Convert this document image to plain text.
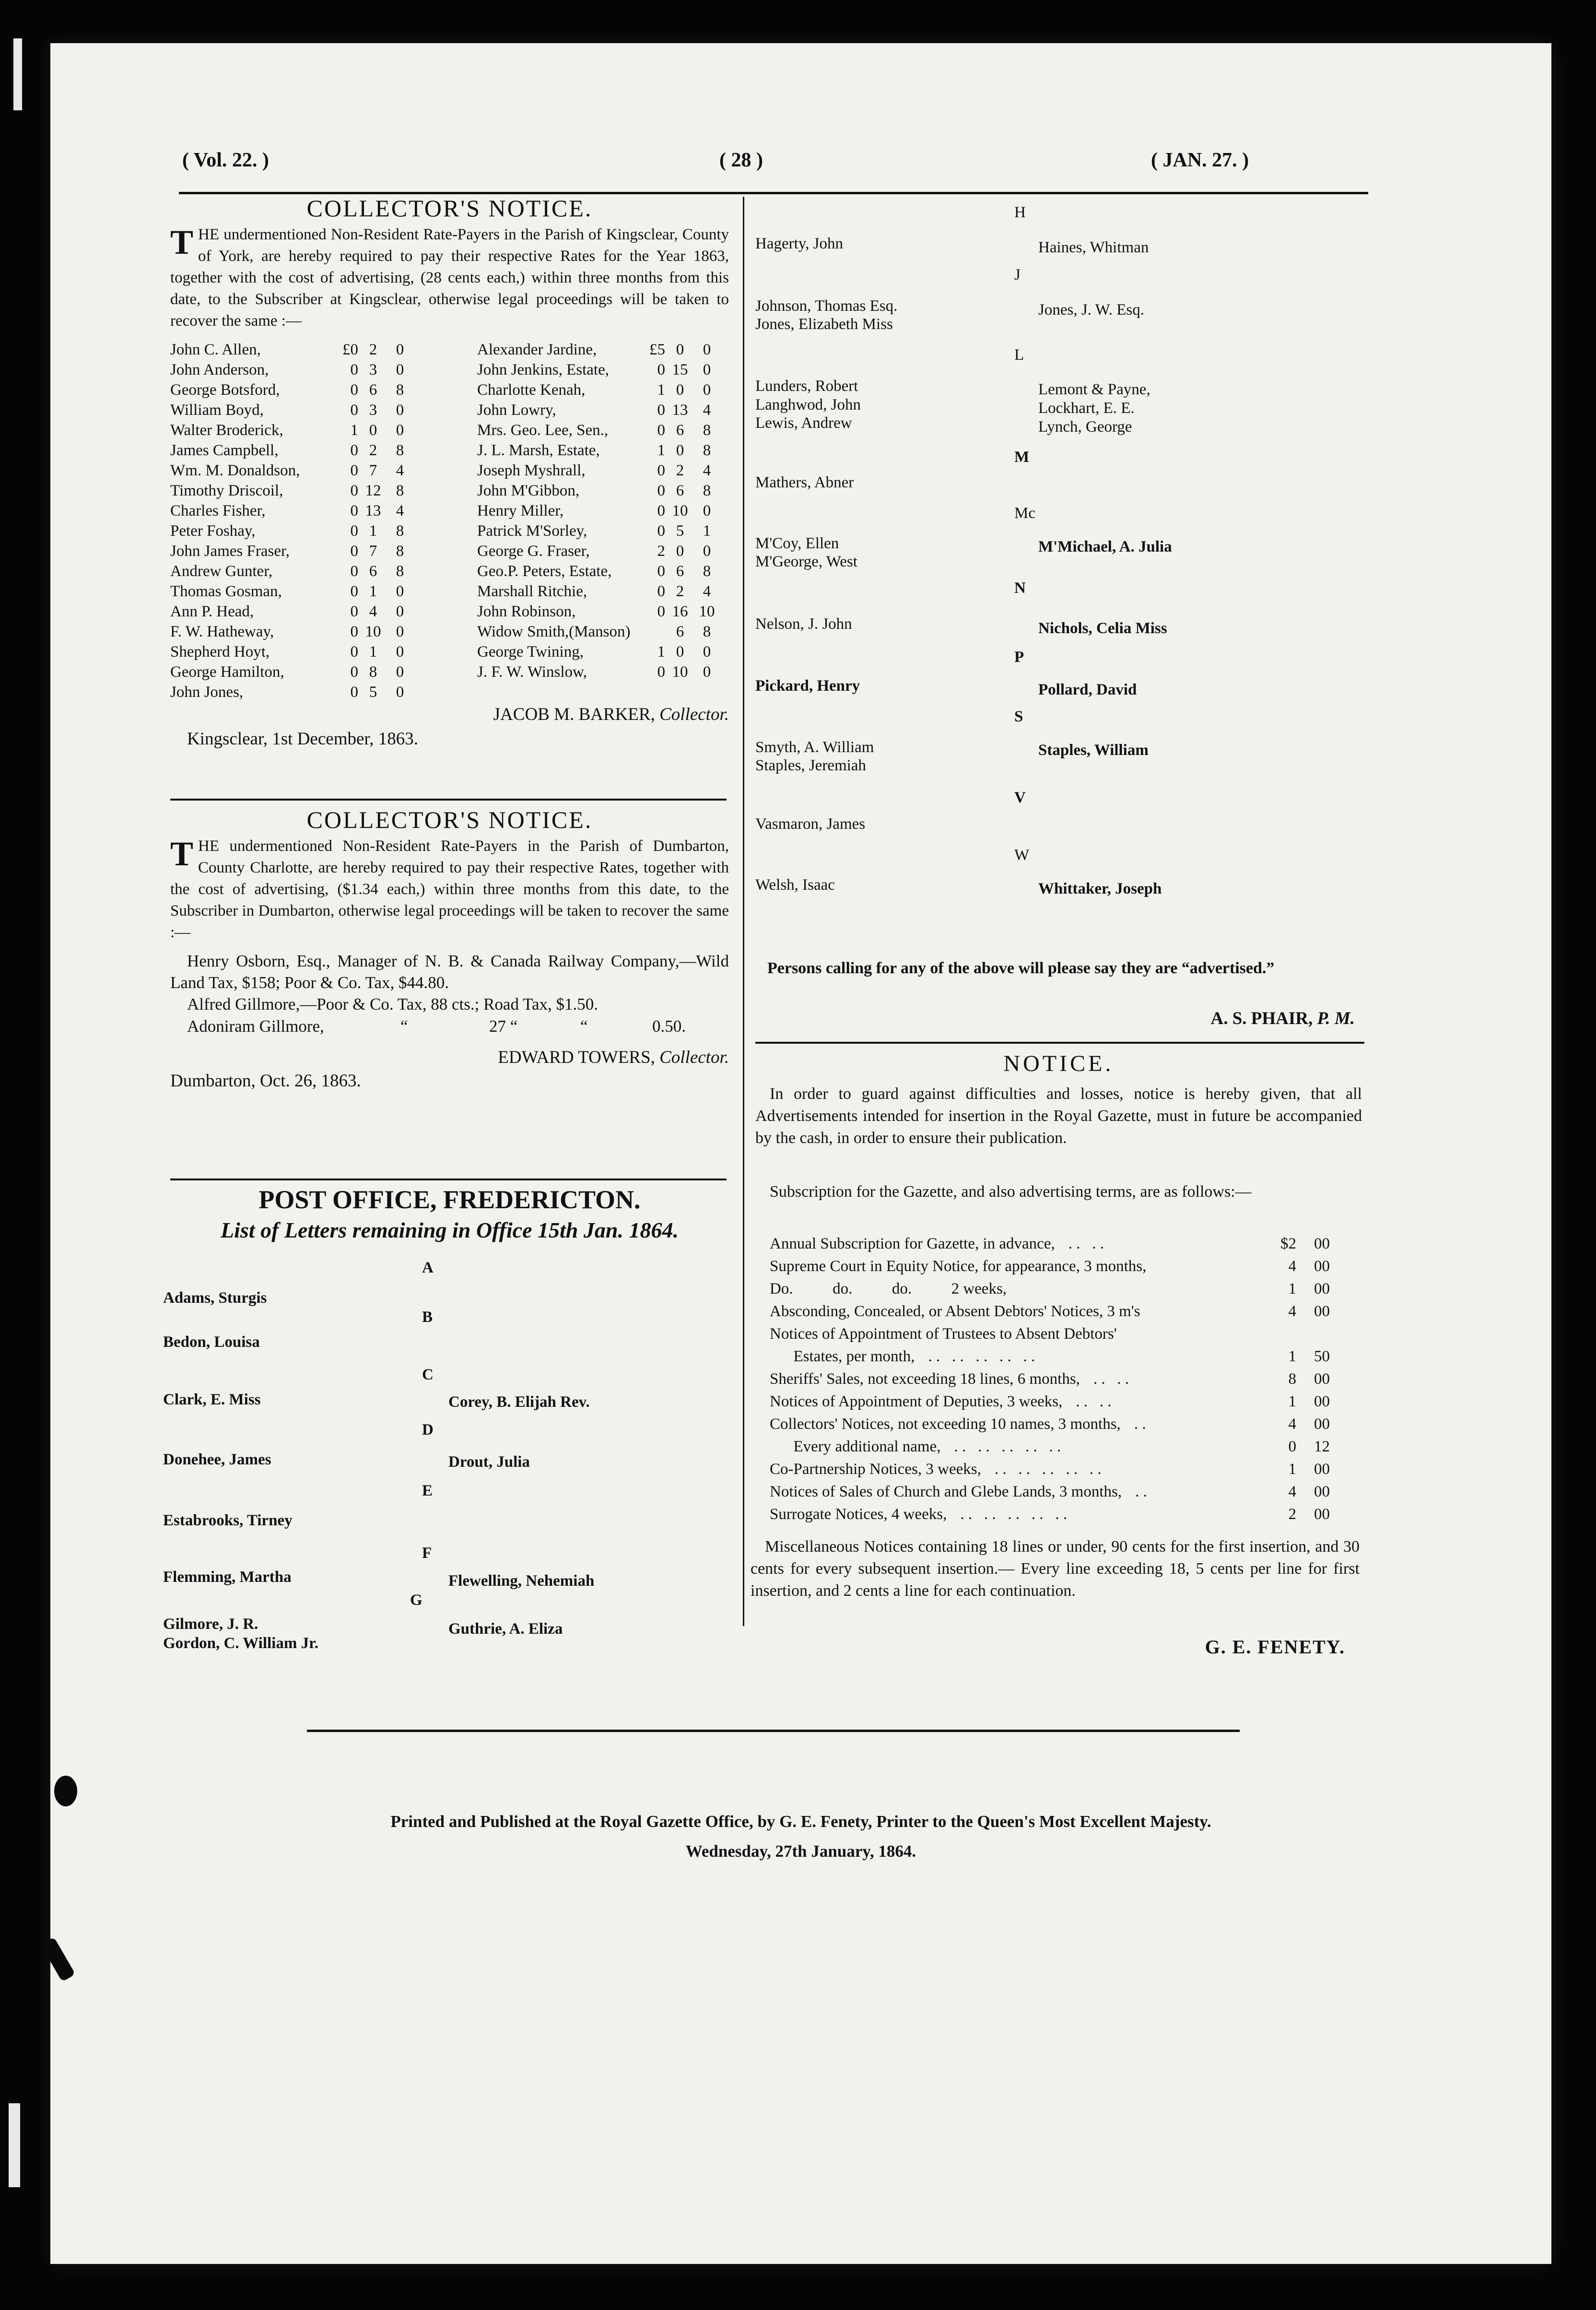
( Vol. 22. )	( 28 )	( JAN. 27. )
COLLECTOR'S NOTICE.
THE undermentioned Non-Resident Rate-Payers in the Parish of Kingsclear, County of York, are hereby required to pay their respective Rates for the Year 1863, together with the cost of advertising, (28 cents each,) within three months from this date, to the Subscriber at Kingsclear, otherwise legal proceedings will be taken to recover the same :—
John C. Allen,	£0 2	0
John Anderson,	0 3	0
George Botsford,	0 6	8
William Boyd,	0 3	0
Walter Broderick,	1 0	0
James Campbell,	0 2	8
Wm. M. Donaldson,	0 7	4
Timothy Driscoil,	0 12 8
Charles Fisher,	0 13 4
Peter Foshay,	0 1	8
John James Fraser,	0 7	8
Andrew Gunter,	0 6	8
Thomas Gosman,	0 1	0
Ann P. Head,	0 4	0
F. W. Hatheway,	0 10 0
Shepherd Hoyt,	0 1	0
George Hamilton,	0 8	0
John Jones,	0 5	0
Alexander Jardine,	£5 0	0
John Jenkins, Estate,	0 15 0
Charlotte Kenah,	1 0	0
John Lowry,	0 13 4
Mrs. Geo. Lee, Sen.,	0 6	8
J. L. Marsh, Estate,	1 0	8
Joseph Myshrall,	0 2	4
John M'Gibbon,	0 6	8
Henry Miller,	0 10 0
Patrick M'Sorley,	0 5	1
George G. Fraser,	2 0	0
Geo.P. Peters, Estate,	0 6	8
Marshall Ritchie,	0 2	4
John Robinson,	0 16 10
Widow Smith,(Manson)	6	8
George Twining,	1 0	0
J. F. W. Winslow,	0 10 0
JACOB M. BARKER, Collector.
Kingsclear, 1st December, 1863.
COLLECTOR'S NOTICE.
THE undermentioned Non-Resident Rate-Payers in the Parish of Dumbarton, County Charlotte, are hereby required to pay their respective Rates, together with the cost of advertising, ($1.34 each,) within three months from this date, to the Subscriber in Dumbarton, otherwise legal proceedings will be taken to recover the same :—
Henry Osborn, Esq., Manager of N. B. & Canada Railway Company,—Wild Land Tax, $158; Poor & Co. Tax, $44.80.
Alfred Gillmore,—Poor & Co. Tax, 88 cts.; Road Tax, $1.50.
Adoniram Gillmore,	“	27 “	“	0.50.
EDWARD TOWERS, Collector.
Dumbarton, Oct. 26, 1863.
POST OFFICE, FREDERICTON.
List of Letters remaining in Office 15th Jan. 1864.
A
Adams, Sturgis
B
Bedon, Louisa
C
Clark, E. Miss	Corey, B. Elijah Rev.
D
Donehee, James	Drout, Julia
E
Estabrooks, Tirney
F
Flemming, Martha	Flewelling, Nehemiah
G
Gilmore, J. R.	Guthrie, A. Eliza
Gordon, C. William Jr.
H
Hagerty, John	Haines, Whitman
J
Johnson, Thomas Esq.	Jones, J. W. Esq.
Jones, Elizabeth Miss
L
Lunders, Robert	Lemont & Payne,
Langhwod, John	Lockhart, E. E.
Lewis, Andrew	Lynch, George
M
Mathers, Abner
Mc
M'Coy, Ellen	M'Michael, A. Julia
M'George, West
N
Nelson, J. John	Nichols, Celia Miss
P
Pickard, Henry	Pollard, David
S
Smyth, A. William	Staples, William
Staples, Jeremiah
V
Vasmaron, James
W
Welsh, Isaac	Whittaker, Joseph
Persons calling for any of the above will please say they are “advertised.”
A. S. PHAIR, P. M.
NOTICE.
In order to guard against difficulties and losses, notice is hereby given, that all Advertisements intended for insertion in the Royal Gazette, must in future be accompanied by the cash, in order to ensure their publication.
Subscription for the Gazette, and also advertising terms, are as follows:—
Annual Subscription for Gazette, in advance, . .   . .	$2	00
Supreme Court in Equity Notice, for appearance, 3 months,	4	00
Do.          do.          do.          2 weeks,	1	00
Absconding, Concealed, or Absent Debtors' Notices, 3 m's	4	00
Notices of Appointment of Trustees to Absent Debtors'
Estates, per month, . .   . .   . .   . .   . .	1	50
Sheriffs' Sales, not exceeding 18 lines, 6 months, . .   . .	8	00
Notices of Appointment of Deputies, 3 weeks, . .   . .	1	00
Collectors' Notices, not exceeding 10 names, 3 months, . .	4	00
Every additional name, . .   . .   . .   . .   . .	0	12
Co-Partnership Notices, 3 weeks, . .   . .   . .   . .   . .	1	00
Notices of Sales of Church and Glebe Lands, 3 months, . .	4	00
Surrogate Notices, 4 weeks, . .   . .   . .   . .   . .	2	00
Miscellaneous Notices containing 18 lines or under, 90 cents for the first insertion, and 30 cents for every subsequent insertion.— Every line exceeding 18, 5 cents per line for first insertion, and 2 cents a line for each continuation.
G. E. FENETY.
Printed and Published at the Royal Gazette Office, by G. E. Fenety, Printer to the Queen's Most Excellent Majesty.
Wednesday, 27th January, 1864.
